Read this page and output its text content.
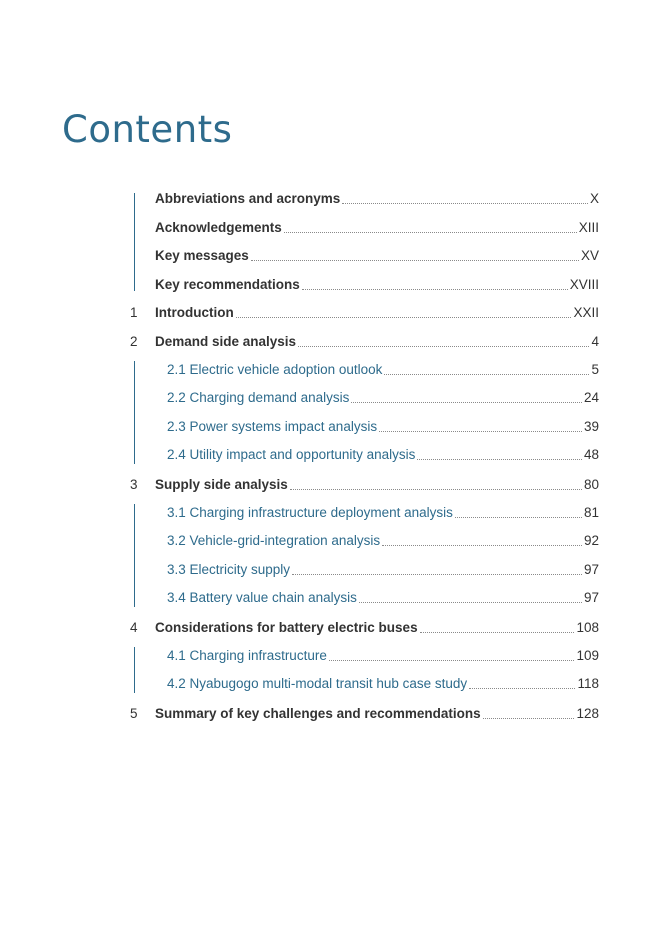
Contents
Abbreviations and acronyms	X
Acknowledgements	XIII
Key messages	XV
Key recommendations	XVIII
1	Introduction	XXII
2	Demand side analysis	4
2.1 Electric vehicle adoption outlook	5
2.2 Charging demand analysis	24
2.3 Power systems impact analysis	39
2.4 Utility impact and opportunity analysis	48
3	Supply side analysis	80
3.1 Charging infrastructure deployment analysis	81
3.2 Vehicle-grid-integration analysis	92
3.3 Electricity supply	97
3.4 Battery value chain analysis	97
4	Considerations for battery electric buses	108
4.1 Charging infrastructure	109
4.2 Nyabugogo multi-modal transit hub case study	118
5	Summary of key challenges and recommendations	128
